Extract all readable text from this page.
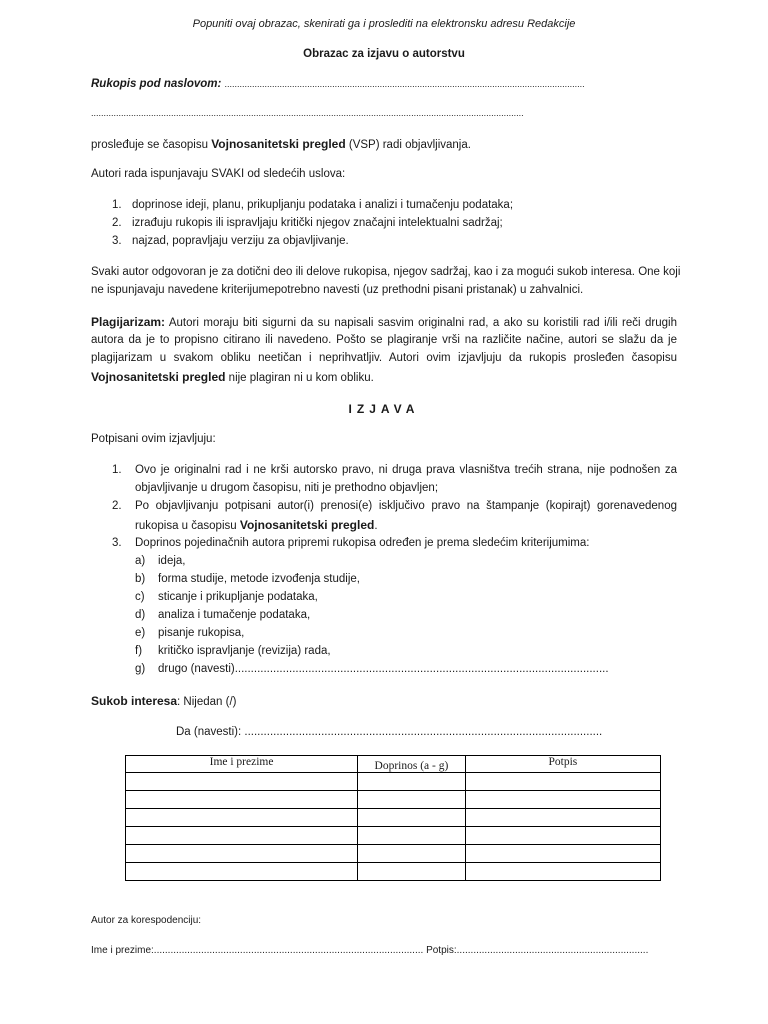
Popuniti ovaj obrazac, skenirati ga i proslediti na elektronsku adresu Redakcije
Obrazac za izjavu o autorstvu
Rukopis pod naslovom: ................................................................................................................................................
.............................................................................................................................................................................
prosleđuje se časopisu Vojnosanitetski pregled (VSP) radi objavljivanja.
Autori rada ispunjavaju SVAKI od sledećih uslova:
1. doprinose ideji, planu, prikupljanju podataka i analizi i tumačenju podataka;
2. izrađuju rukopis ili ispravljaju kritički njegov značajni intelektualni sadržaj;
3. najzad, popravljaju verziju za objavljivanje.
Svaki autor odgovoran je za dotični deo ili delove rukopisa, njegov sadržaj, kao i za mogući sukob interesa. One koji
ne ispunjavaju navedene kriterijumepotrebno navesti (uz prethodni pisani pristanak) u zahvalnici.
Plagijarizam: Autori moraju biti sigurni da su napisali sasvim originalni rad, a ako su koristili rad i/ili reči drugih
autora da je to propisno citirano ili navedeno. Pošto se plagiranje vrši na različite načine, autori se slažu da je
plagijarizam u svakom obliku neetičan i neprihvatljiv. Autori ovim izjavljuju da rukopis prosleđen časopisu
Vojnosanitetski pregled nije plagiran ni u kom obliku.
IZJAVA
Potpisani ovim izjavljuju:
1. Ovo je originalni rad i ne krši autorsko pravo, ni druga prava vlasništva trećih strana, nije podnošen za
objavljivanje u drugom časopisu, niti je prethodno objavljen;
2. Po objavljivanju potpisani autor(i) prenosi(e) isključivo pravo na štampanje (kopirajt) gorenavedenog
rukopisa u časopisu Vojnosanitetski pregled.
3. Doprinos pojedinačnih autora pripremi rukopisa određen je prema sledećim kriterijumima:
a) ideja,
b) forma studije, metode izvođenja studije,
c) sticanje i prikupljanje podataka,
d) analiza i tumačenje podataka,
e) pisanje rukopisa,
f) kritičko ispravljanje (revizija) rada,
g) drugo (navesti).....................................................................................................................
Sukob interesa: Nijedan (/)
Da (navesti): ................................................................................................................
Ime i prezime	Doprinos (a - g)	Potpis

Autor za korespodenciju:
Ime i prezime:................................................................................................. Potpis:.....................................................................
